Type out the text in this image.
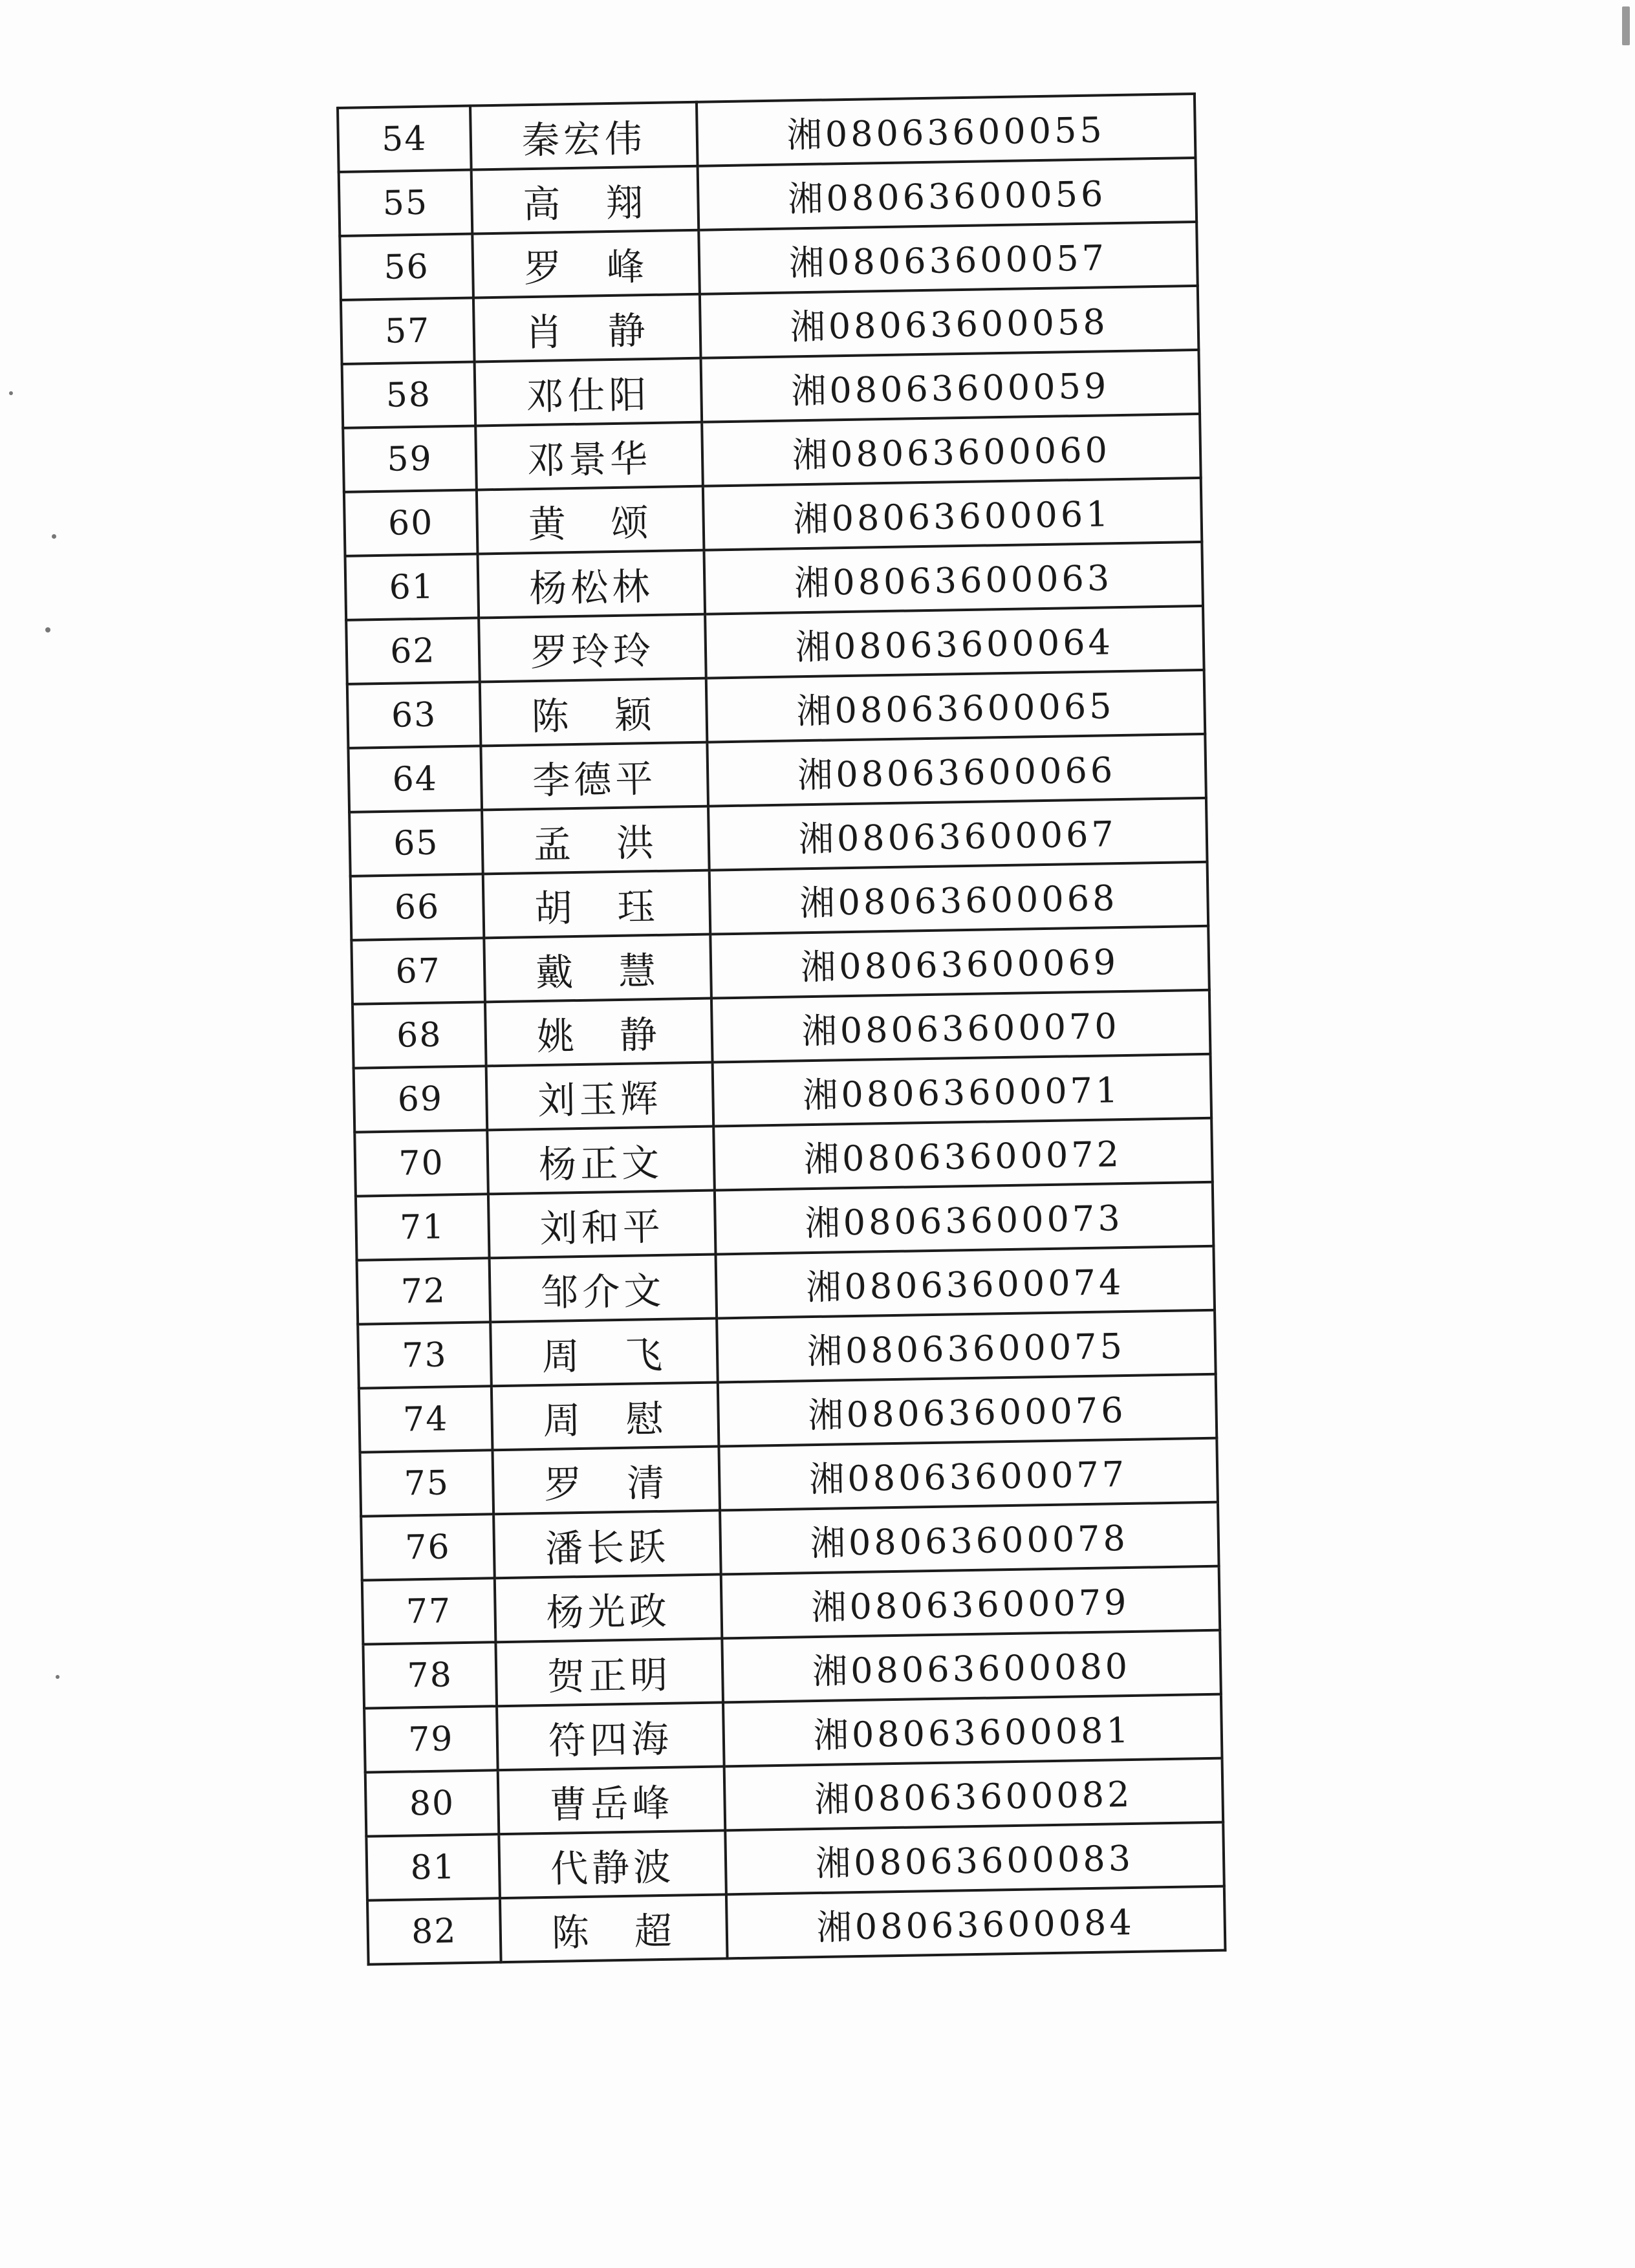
54	秦宏伟	湘08063600055
55	高　翔	湘08063600056
56	罗　峰	湘08063600057
57	肖　静	湘08063600058
58	邓仕阳	湘08063600059
59	邓景华	湘08063600060
60	黄　颂	湘08063600061
61	杨松林	湘08063600063
62	罗玲玲	湘08063600064
63	陈　颖	湘08063600065
64	李德平	湘08063600066
65	孟　洪	湘08063600067
66	胡　珏	湘08063600068
67	戴　慧	湘08063600069
68	姚　静	湘08063600070
69	刘玉辉	湘08063600071
70	杨正文	湘08063600072
71	刘和平	湘08063600073
72	邹介文	湘08063600074
73	周　飞	湘08063600075
74	周　慰	湘08063600076
75	罗　清	湘08063600077
76	潘长跃	湘08063600078
77	杨光政	湘08063600079
78	贺正明	湘08063600080
79	符四海	湘08063600081
80	曹岳峰	湘08063600082
81	代静波	湘08063600083
82	陈　超	湘08063600084
